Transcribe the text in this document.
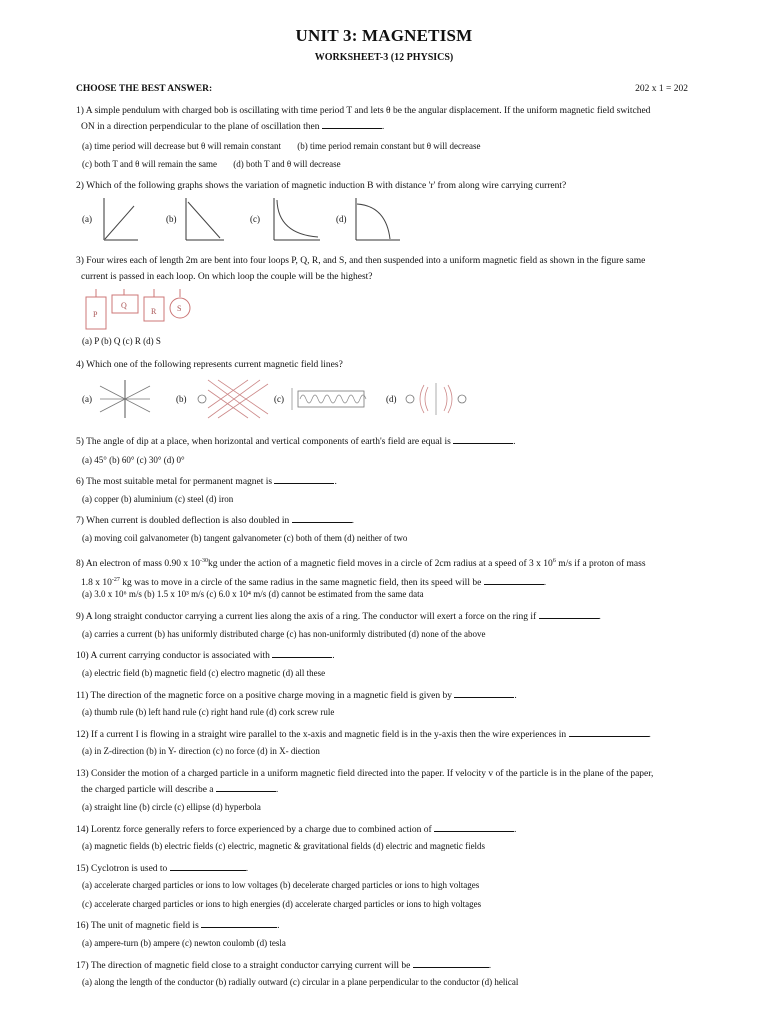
UNIT 3: MAGNETISM
WORKSHEET-3 (12 PHYSICS)
CHOOSE THE BEST ANSWER:	202 x 1 = 202
1) A simple pendulum with charged bob is oscillating with time period T and lets θ be the angular displacement. If the uniform magnetic field switched
ON in a direction perpendicular to the plane of oscillation then	.
(a) time period will decrease but θ will remain constant (b) time period remain constant but θ will decrease
(c) both T and θ will remain the same (d) both T and θ will decrease
2) Which of the following graphs shows the variation of magnetic induction B with distance 'r' from along wire carrying current?
(a)	(b)	(c)	(d)
3) Four wires each of length 2m are bent into four loops P, Q, R, and S, and then suspended into a uniform magnetic field as shown in the figure same
current is passed in each loop. On which loop the couple will be the highest?
P
Q
R	S
(a) P (b) Q (c) R (d) S
4) Which one of the following represents current magnetic field lines?
(a)	(b)	(c)	(d)
5) The angle of dip at a place, when horizontal and vertical components of earth's field are equal is	.
(a) 45° (b) 60° (c) 30° (d) 0°
6) The most suitable metal for permanent magnet is	.
(a) copper (b) aluminium (c) steel (d) iron
7) When current is doubled deflection is also doubled in	.
(a) moving coil galvanometer (b) tangent galvanometer (c) both of them (d) neither of two
8) An electron of mass 0.90 x $10^{-30}kg$ under the action of a magnetic field moves in a circle of 2cm radius at a speed of 3 x $10^6$ m/s if a proton of mass
1.8 x $10^{-27}$ kg was to move in a circle of the same radius in the same magnetic field, then its speed will be	.
(a) 3.0 x 10⁶ m/s (b) 1.5 x 10³ m/s (c) 6.0 x 10⁴ m/s (d) cannot be estimated from the same data
9) A long straight conductor carrying a current lies along the axis of a ring. The conductor will exert a force on the ring if	.
(a) carries a current (b) has uniformly distributed charge (c) has non-uniformly distributed (d) none of the above
10) A current carrying conductor is associated with	.
(a) electric field (b) magnetic field (c) electro magnetic (d) all these
11) The direction of the magnetic force on a positive charge moving in a magnetic field is given by	.
(a) thumb rule (b) left hand rule (c) right hand rule (d) cork screw rule
12) If a current I is flowing in a straight wire parallel to the x-axis and magnetic field is in the y-axis then the wire experiences in	.
(a) in Z-direction (b) in Y- direction (c) no force (d) in X- diection
13) Consider the motion of a charged particle in a uniform magnetic field directed into the paper. If velocity v of the particle is in the plane of the paper,
the charged particle will describe a	.
(a) straight line (b) circle (c) ellipse (d) hyperbola
14) Lorentz force generally refers to force experienced by a charge due to combined action of	.
(a) magnetic fields (b) electric fields (c) electric, magnetic & gravitational fields (d) electric and magnetic fields
15) Cyclotron is used to	.
(a) accelerate charged particles or ions to low voltages (b) decelerate charged particles or ions to high voltages
(c) accelerate charged particles or ions to high energies (d) accelerate charged particles or ions to high voltages
16) The unit of magnetic field is	.
(a) ampere-turn (b) ampere (c) newton coulomb (d) tesla
17) The direction of magnetic field close to a straight conductor carrying current will be	.
(a) along the length of the conductor (b) radially outward (c) circular in a plane perpendicular to the conductor (d) helical
